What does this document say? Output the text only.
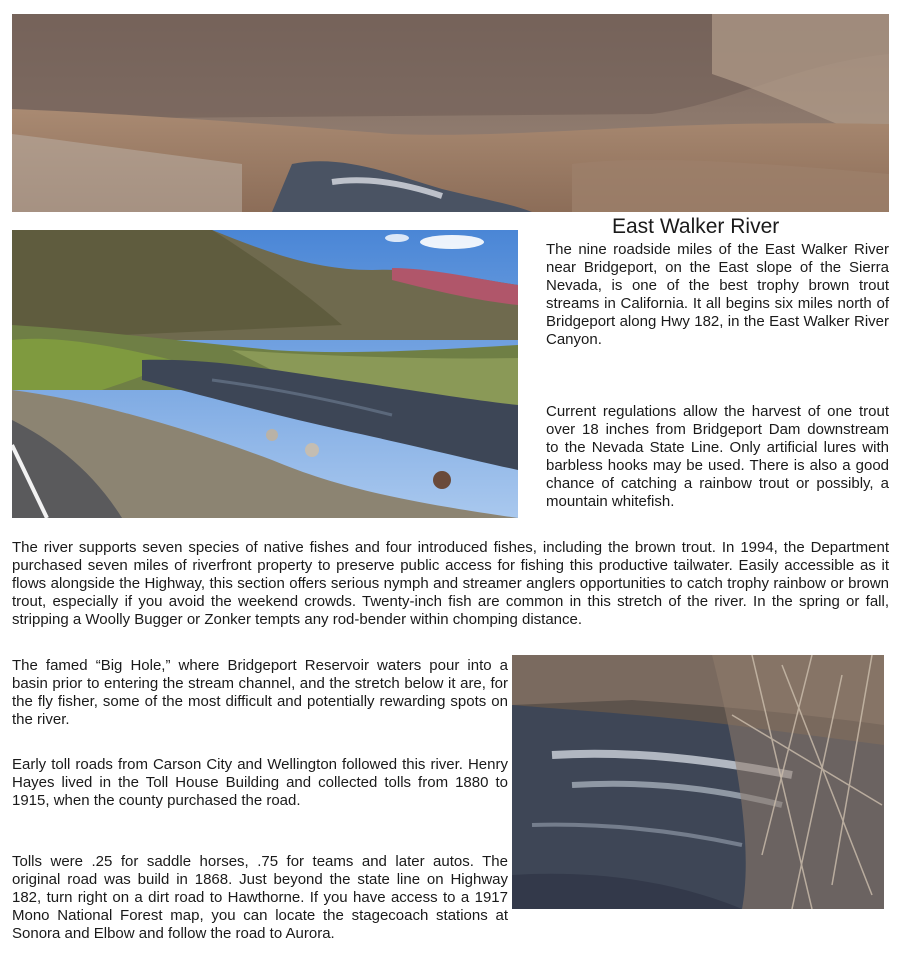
East Walker River

The nine roadside miles of the East Walker River near Bridgeport, on the East slope of the Sierra Nevada, is one of the best trophy brown trout streams in California. It all begins six miles north of Bridgeport along Hwy 182, in the East Walker River Canyon.

Current regulations allow the harvest of one trout over 18 inches from Bridgeport Dam downstream to the Nevada State Line. Only artificial lures with barbless hooks may be used. There is also a good chance of catching a rainbow trout or possibly, a mountain whitefish.

The river supports seven species of native fishes and four introduced fishes, including the brown trout. In 1994, the Department purchased seven miles of riverfront property to preserve public access for fishing this productive tailwater. Easily accessible as it flows alongside the Highway, this section offers serious nymph and streamer anglers opportunities to catch trophy rainbow or brown trout, especially if you avoid the weekend crowds. Twenty-inch fish are common in this stretch of the river. In the spring or fall, stripping a Woolly Bugger or Zonker tempts any rod-bender within chomping distance.

The famed “Big Hole,” where Bridgeport Reservoir waters pour into a basin prior to entering the stream channel, and the stretch below it are, for the fly fisher, some of the most difficult and potentially rewarding spots on the river.

Early toll roads from Carson City and Wellington followed this river. Henry Hayes lived in the Toll House Building and collected tolls from 1880 to 1915, when the county purchased the road.

Tolls were .25 for saddle horses, .75 for teams and later autos. The original road was build in 1868. Just beyond the state line on Highway 182, turn right on a dirt road to Hawthorne. If you have access to a 1917 Mono National Forest map, you can locate the stagecoach stations at Sonora and Elbow and follow the road to Aurora.
